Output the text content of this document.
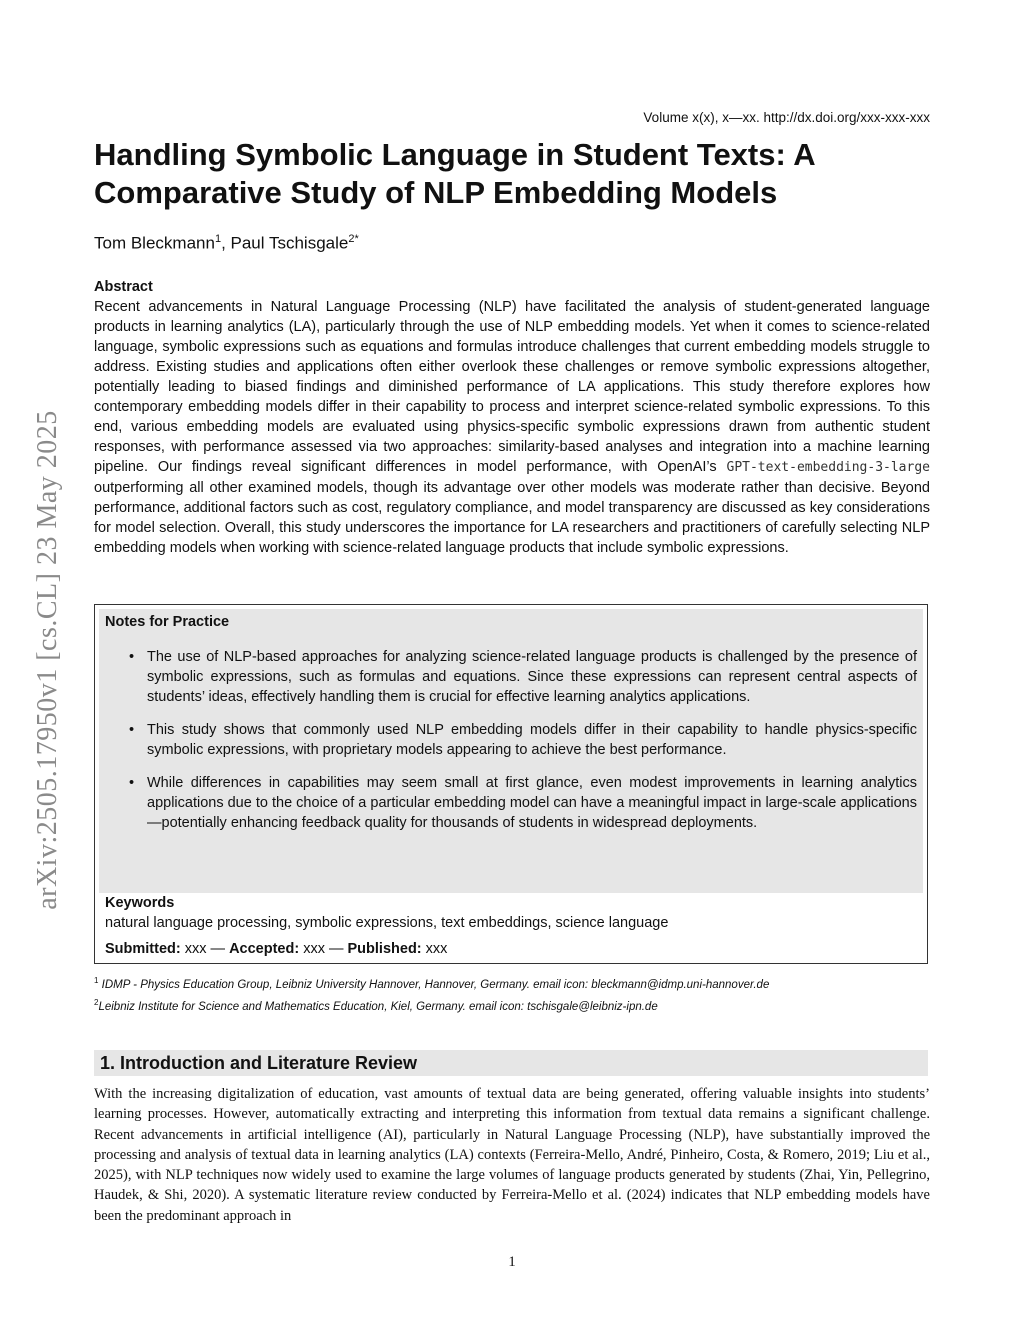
arXiv:2505.17950v1 [cs.CL] 23 May 2025
Volume x(x), x—xx. http://dx.doi.org/xxx-xxx-xxx
Handling Symbolic Language in Student Texts: A Comparative Study of NLP Embedding Models
Tom Bleckmann$^1$, Paul Tschisgale$^{2*}$

Abstract

Recent advancements in Natural Language Processing (NLP) have facilitated the analysis of student-generated language products in learning analytics (LA), particularly through the use of NLP embedding models. Yet when it comes to science-related language, symbolic expressions such as equations and formulas introduce challenges that current embedding models struggle to address. Existing studies and applications often either overlook these challenges or remove symbolic expressions altogether, potentially leading to biased findings and diminished performance of LA applications. This study therefore explores how contemporary embedding models differ in their capability to process and interpret science-related symbolic expressions. To this end, various embedding models are evaluated using physics-specific symbolic expressions drawn from authentic student responses, with performance assessed via two approaches: similarity-based analyses and integration into a machine learning pipeline. Our findings reveal significant differences in model performance, with OpenAI’s GPT-text-embedding-3-large outperforming all other examined models, though its advantage over other models was moderate rather than decisive. Beyond performance, additional factors such as cost, regulatory compliance, and model transparency are discussed as key considerations for model selection. Overall, this study underscores the importance for LA researchers and practitioners of carefully selecting NLP embedding models when working with science-related language products that include symbolic expressions.

Notes for Practice

• The use of NLP-based approaches for analyzing science-related language products is challenged by the presence of symbolic expressions, such as formulas and equations. Since these expressions can represent central aspects of students’ ideas, effectively handling them is crucial for effective learning analytics applications.
• This study shows that commonly used NLP embedding models differ in their capability to handle physics-specific symbolic expressions, with proprietary models appearing to achieve the best performance.
• While differences in capabilities may seem small at first glance, even modest improvements in learning analytics applications due to the choice of a particular embedding model can have a meaningful impact in large-scale applications—potentially enhancing feedback quality for thousands of students in widespread deployments.

Keywords

natural language processing, symbolic expressions, text embeddings, science language
Submitted: xxx — Accepted: xxx — Published: xxx
$^1$ IDMP - Physics Education Group, Leibniz University Hannover, Hannover, Germany. email icon: bleckmann@idmp.uni-hannover.de
$^2$Leibniz Institute for Science and Mathematics Education, Kiel, Germany. email icon: tschisgale@leibniz-ipn.de
1. Introduction and Literature Review

With the increasing digitalization of education, vast amounts of textual data are being generated, offering valuable insights into students’ learning processes. However, automatically extracting and interpreting this information from textual data remains a significant challenge. Recent advancements in artificial intelligence (AI), particularly in Natural Language Processing (NLP), have substantially improved the processing and analysis of textual data in learning analytics (LA) contexts (Ferreira-Mello, André, Pinheiro, Costa, & Romero, 2019; Liu et al., 2025), with NLP techniques now widely used to examine the large volumes of language products generated by students (Zhai, Yin, Pellegrino, Haudek, & Shi, 2020). A systematic literature review conducted by Ferreira-Mello et al. (2024) indicates that NLP embedding models have been the predominant approach in

1
